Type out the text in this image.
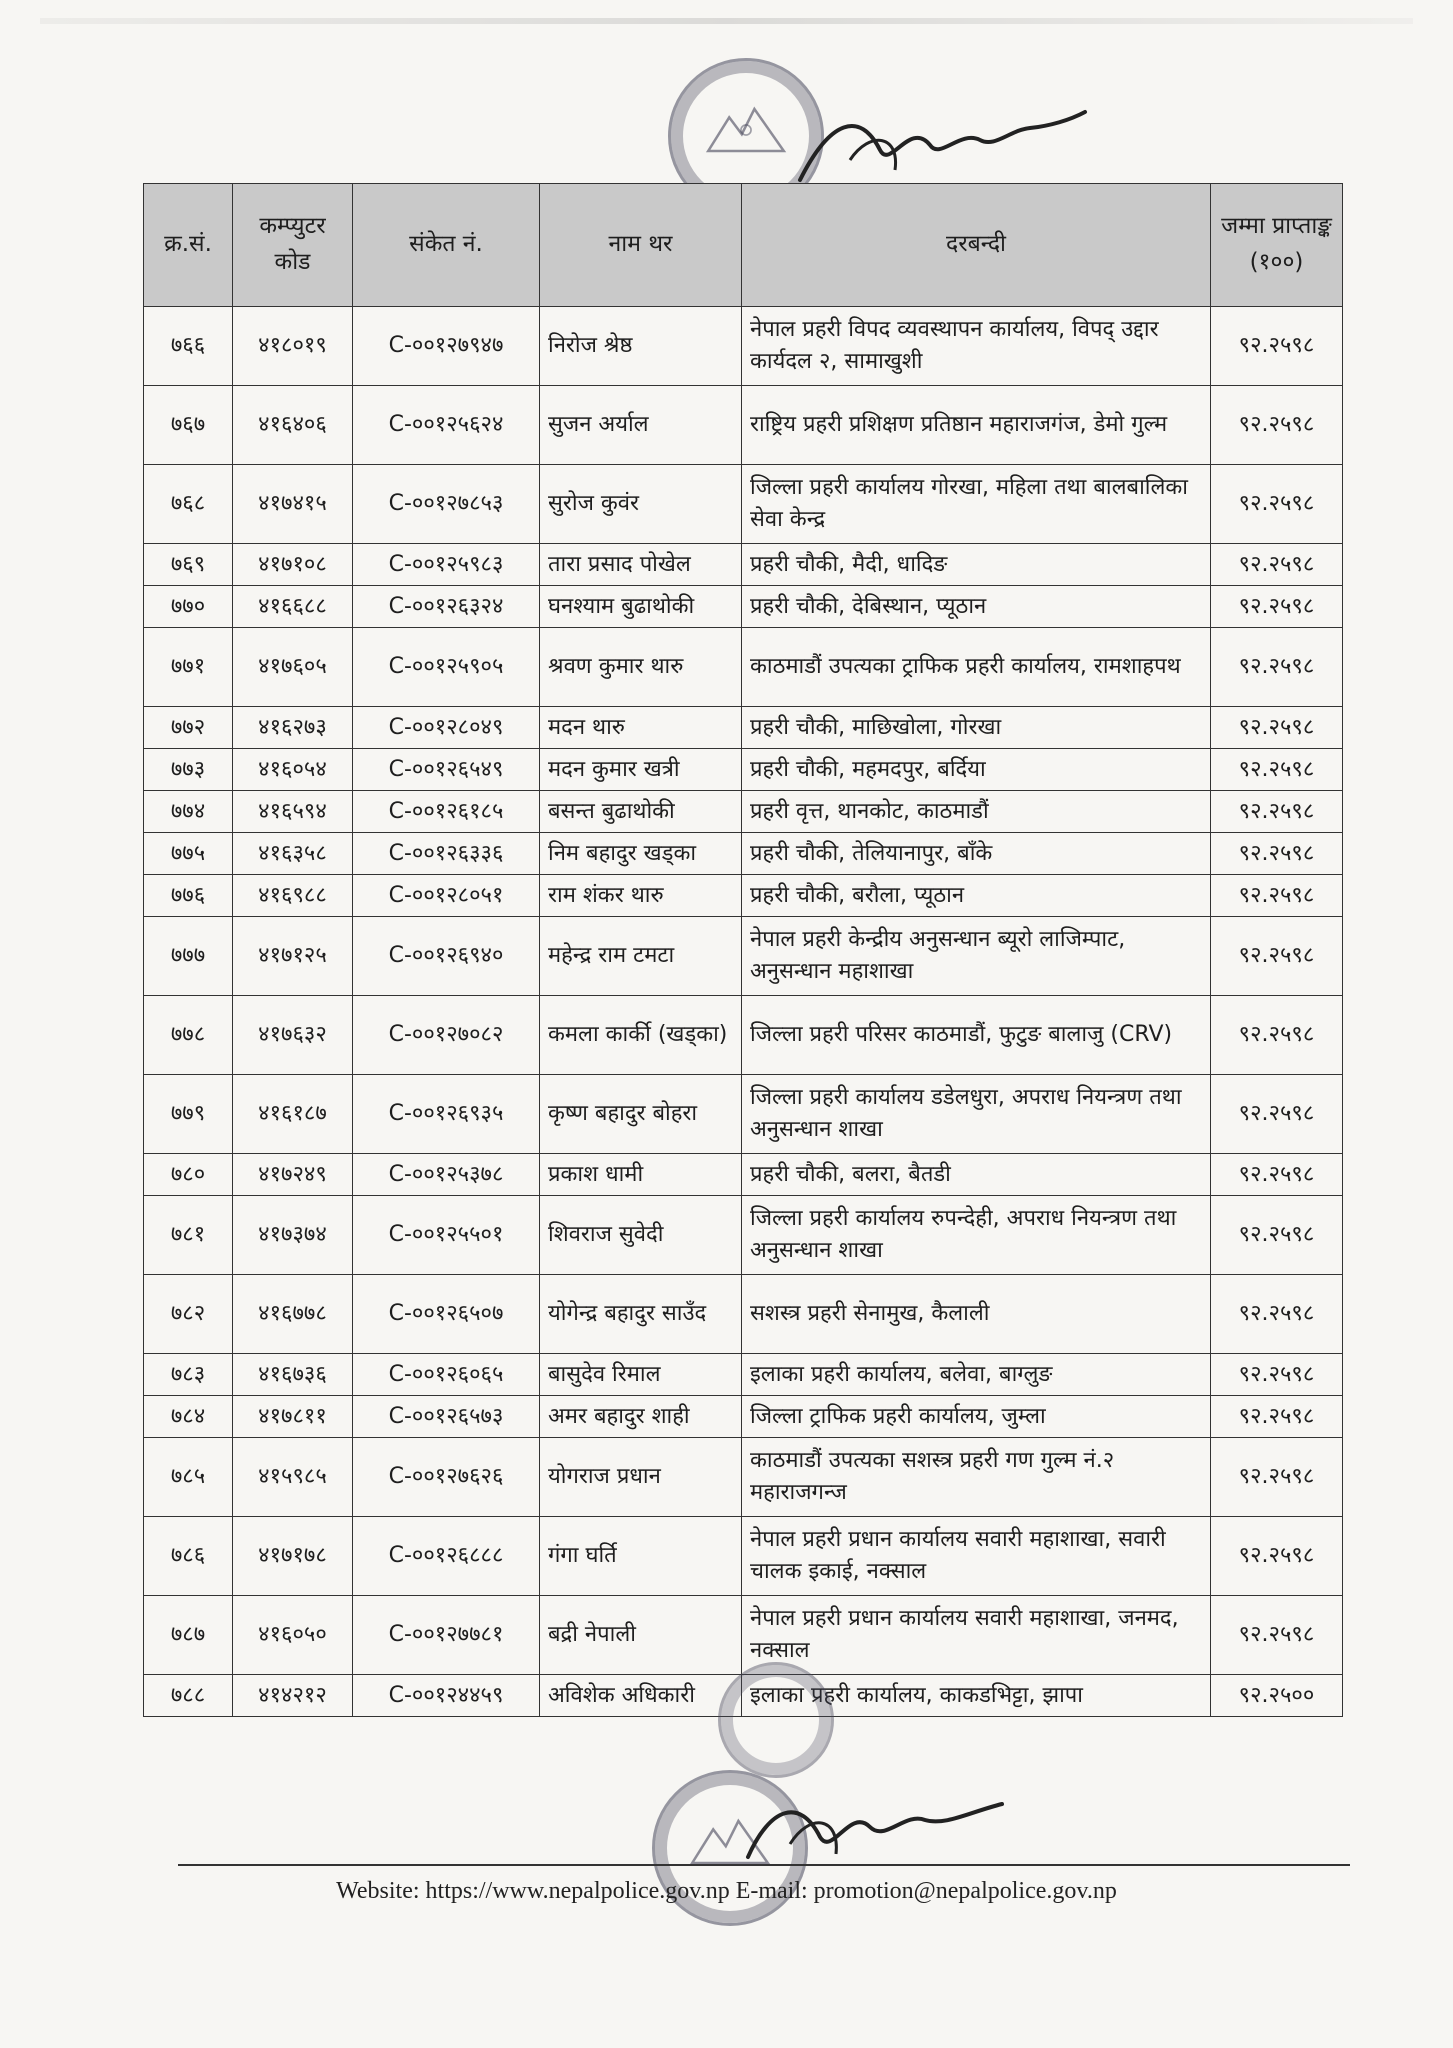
क्र.सं.	कम्प्युटर कोड	संकेत नं.	नाम थर	दरबन्दी	जम्मा प्राप्ताङ्क (१००)
७६६	४१८०१९	C-००१२७९४७	निरोज श्रेष्ठ	नेपाल प्रहरी विपद व्यवस्थापन कार्यालय, विपद् उद्दार कार्यदल २, सामाखुशी	९२.२५९८
७६७	४१६४०६	C-००१२५६२४	सुजन अर्याल	राष्ट्रिय प्रहरी प्रशिक्षण प्रतिष्ठान महाराजगंज, डेमो गुल्म	९२.२५९८
७६८	४१७४१५	C-००१२७८५३	सुरोज कुवंर	जिल्ला प्रहरी कार्यालय गोरखा, महिला तथा बालबालिका सेवा केन्द्र	९२.२५९८
७६९	४१७१०८	C-००१२५९८३	तारा प्रसाद पोखेल	प्रहरी चौकी, मैदी, धादिङ	९२.२५९८
७७०	४१६६८८	C-००१२६३२४	घनश्याम बुढाथोकी	प्रहरी चौकी, देबिस्थान, प्यूठान	९२.२५९८
७७१	४१७६०५	C-००१२५९०५	श्रवण कुमार थारु	काठमाडौं उपत्यका ट्राफिक प्रहरी कार्यालय, रामशाहपथ	९२.२५९८
७७२	४१६२७३	C-००१२८०४९	मदन थारु	प्रहरी चौकी, माछिखोला, गोरखा	९२.२५९८
७७३	४१६०५४	C-००१२६५४९	मदन कुमार खत्री	प्रहरी चौकी, महमदपुर, बर्दिया	९२.२५९८
७७४	४१६५९४	C-००१२६१८५	बसन्त बुढाथोकी	प्रहरी वृत्त, थानकोट, काठमाडौं	९२.२५९८
७७५	४१६३५८	C-००१२६३३६	निम बहादुर खड्का	प्रहरी चौकी, तेलियानापुर, बाँके	९२.२५९८
७७६	४१६९८८	C-००१२८०५१	राम शंकर थारु	प्रहरी चौकी, बरौला, प्यूठान	९२.२५९८
७७७	४१७१२५	C-००१२६९४०	महेन्द्र राम टमटा	नेपाल प्रहरी केन्द्रीय अनुसन्धान ब्यूरो लाजिम्पाट, अनुसन्धान महाशाखा	९२.२५९८
७७८	४१७६३२	C-००१२७०८२	कमला कार्की (खड्का)	जिल्ला प्रहरी परिसर काठमाडौं, फुटुङ बालाजु (CRV)	९२.२५९८
७७९	४१६१८७	C-००१२६९३५	कृष्ण बहादुर बोहरा	जिल्ला प्रहरी कार्यालय डडेलधुरा, अपराध नियन्त्रण तथा अनुसन्धान शाखा	९२.२५९८
७८०	४१७२४९	C-००१२५३७८	प्रकाश धामी	प्रहरी चौकी, बलरा, बैतडी	९२.२५९८
७८१	४१७३७४	C-००१२५५०१	शिवराज सुवेदी	जिल्ला प्रहरी कार्यालय रुपन्देही, अपराध नियन्त्रण तथा अनुसन्धान शाखा	९२.२५९८
७८२	४१६७७८	C-००१२६५०७	योगेन्द्र बहादुर साउँद	सशस्त्र प्रहरी सेनामुख, कैलाली	९२.२५९८
७८३	४१६७३६	C-००१२६०६५	बासुदेव रिमाल	इलाका प्रहरी कार्यालय, बलेवा, बाग्लुङ	९२.२५९८
७८४	४१७८११	C-००१२६५७३	अमर बहादुर शाही	जिल्ला ट्राफिक प्रहरी कार्यालय, जुम्ला	९२.२५९८
७८५	४१५९८५	C-००१२७६२६	योगराज प्रधान	काठमाडौं उपत्यका सशस्त्र प्रहरी गण गुल्म नं.२ महाराजगन्ज	९२.२५९८
७८६	४१७१७८	C-००१२६८८८	गंगा घर्ति	नेपाल प्रहरी प्रधान कार्यालय सवारी महाशाखा, सवारी चालक इकाई, नक्साल	९२.२५९८
७८७	४१६०५०	C-००१२७७८१	बद्री नेपाली	नेपाल प्रहरी प्रधान कार्यालय सवारी महाशाखा, जनमद, नक्साल	९२.२५९८
७८८	४१४२१२	C-००१२४४५९	अविशेक अधिकारी	इलाका प्रहरी कार्यालय, काकडभिट्टा, झापा	९२.२५००
Website: https://www.nepalpolice.gov.np E-mail: promotion@nepalpolice.gov.np
